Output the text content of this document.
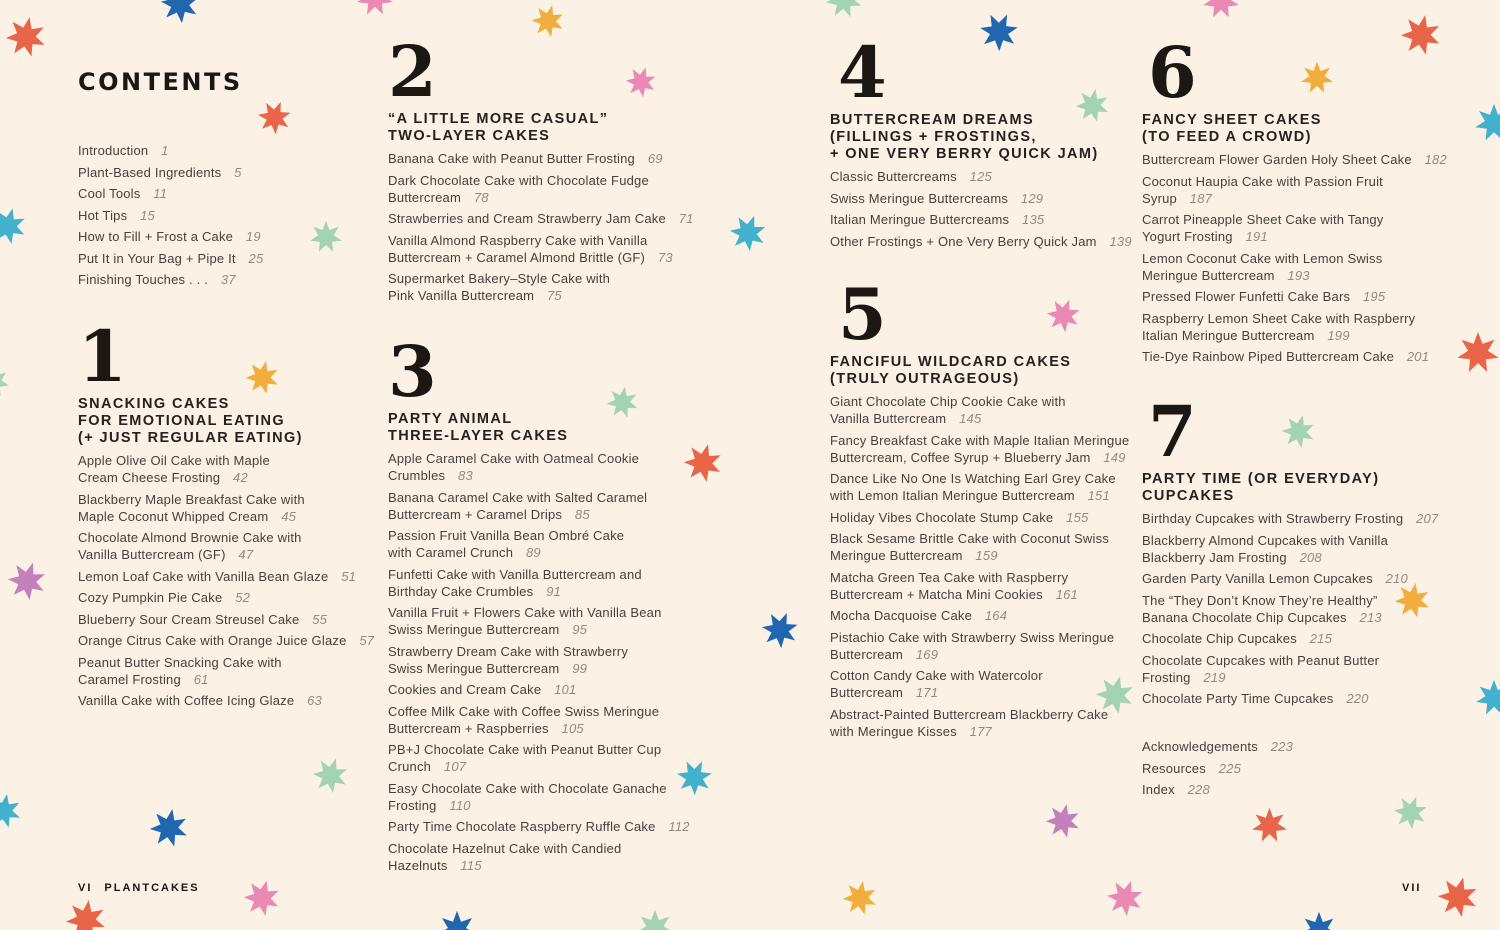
CONTENTS

Introduction 1

Plant-Based Ingredients 5

Cool Tools 11

Hot Tips 15

How to Fill + Frost a Cake 19

Put It in Your Bag + Pipe It 25

Finishing Touches . . . 37

1
SNACKING CAKES
FOR EMOTIONAL EATING
(+ JUST REGULAR EATING)

Apple Olive Oil Cake with Maple
Cream Cheese Frosting 42

Blackberry Maple Breakfast Cake with
Maple Coconut Whipped Cream 45

Chocolate Almond Brownie Cake with
Vanilla Buttercream (GF) 47

Lemon Loaf Cake with Vanilla Bean Glaze 51

Cozy Pumpkin Pie Cake 52

Blueberry Sour Cream Streusel Cake 55

Orange Citrus Cake with Orange Juice Glaze 57

Peanut Butter Snacking Cake with
Caramel Frosting 61

Vanilla Cake with Coffee Icing Glaze 63

2
“A LITTLE MORE CASUAL”
TWO-LAYER CAKES

Banana Cake with Peanut Butter Frosting 69

Dark Chocolate Cake with Chocolate Fudge
Buttercream 78

Strawberries and Cream Strawberry Jam Cake 71

Vanilla Almond Raspberry Cake with Vanilla
Buttercream + Caramel Almond Brittle (GF) 73

Supermarket Bakery–Style Cake with
Pink Vanilla Buttercream 75

3
PARTY ANIMAL
THREE-LAYER CAKES

Apple Caramel Cake with Oatmeal Cookie
Crumbles 83

Banana Caramel Cake with Salted Caramel
Buttercream + Caramel Drips 85

Passion Fruit Vanilla Bean Ombré Cake
with Caramel Crunch 89

Funfetti Cake with Vanilla Buttercream and
Birthday Cake Crumbles 91

Vanilla Fruit + Flowers Cake with Vanilla Bean
Swiss Meringue Buttercream 95

Strawberry Dream Cake with Strawberry
Swiss Meringue Buttercream 99

Cookies and Cream Cake 101

Coffee Milk Cake with Coffee Swiss Meringue
Buttercream + Raspberries 105

PB+J Chocolate Cake with Peanut Butter Cup
Crunch 107

Easy Chocolate Cake with Chocolate Ganache
Frosting 110

Party Time Chocolate Raspberry Ruffle Cake 112

Chocolate Hazelnut Cake with Candied
Hazelnuts 115

4
BUTTERCREAM DREAMS
(FILLINGS + FROSTINGS,
+ ONE VERY BERRY QUICK JAM)

Classic Buttercreams 125

Swiss Meringue Buttercreams 129

Italian Meringue Buttercreams 135

Other Frostings + One Very Berry Quick Jam 139

5
FANCIFUL WILDCARD CAKES
(TRULY OUTRAGEOUS)

Giant Chocolate Chip Cookie Cake with
Vanilla Buttercream 145

Fancy Breakfast Cake with Maple Italian Meringue
Buttercream, Coffee Syrup + Blueberry Jam 149

Dance Like No One Is Watching Earl Grey Cake
with Lemon Italian Meringue Buttercream 151

Holiday Vibes Chocolate Stump Cake 155

Black Sesame Brittle Cake with Coconut Swiss
Meringue Buttercream 159

Matcha Green Tea Cake with Raspberry
Buttercream + Matcha Mini Cookies 161

Mocha Dacquoise Cake 164

Pistachio Cake with Strawberry Swiss Meringue
Buttercream 169

Cotton Candy Cake with Watercolor
Buttercream 171

Abstract-Painted Buttercream Blackberry Cake
with Meringue Kisses 177

6
FANCY SHEET CAKES
(TO FEED A CROWD)

Buttercream Flower Garden Holy Sheet Cake 182

Coconut Haupia Cake with Passion Fruit
Syrup 187

Carrot Pineapple Sheet Cake with Tangy
Yogurt Frosting 191

Lemon Coconut Cake with Lemon Swiss
Meringue Buttercream 193

Pressed Flower Funfetti Cake Bars 195

Raspberry Lemon Sheet Cake with Raspberry
Italian Meringue Buttercream 199

Tie-Dye Rainbow Piped Buttercream Cake 201

7
PARTY TIME (OR EVERYDAY)
CUPCAKES

Birthday Cupcakes with Strawberry Frosting 207

Blackberry Almond Cupcakes with Vanilla
Blackberry Jam Frosting 208

Garden Party Vanilla Lemon Cupcakes 210

The “They Don’t Know They’re Healthy”
Banana Chocolate Chip Cupcakes 213

Chocolate Chip Cupcakes 215

Chocolate Cupcakes with Peanut Butter
Frosting 219

Chocolate Party Time Cupcakes 220

Acknowledgements 223

Resources 225

Index 228

VI PLANTCAKES	VII
